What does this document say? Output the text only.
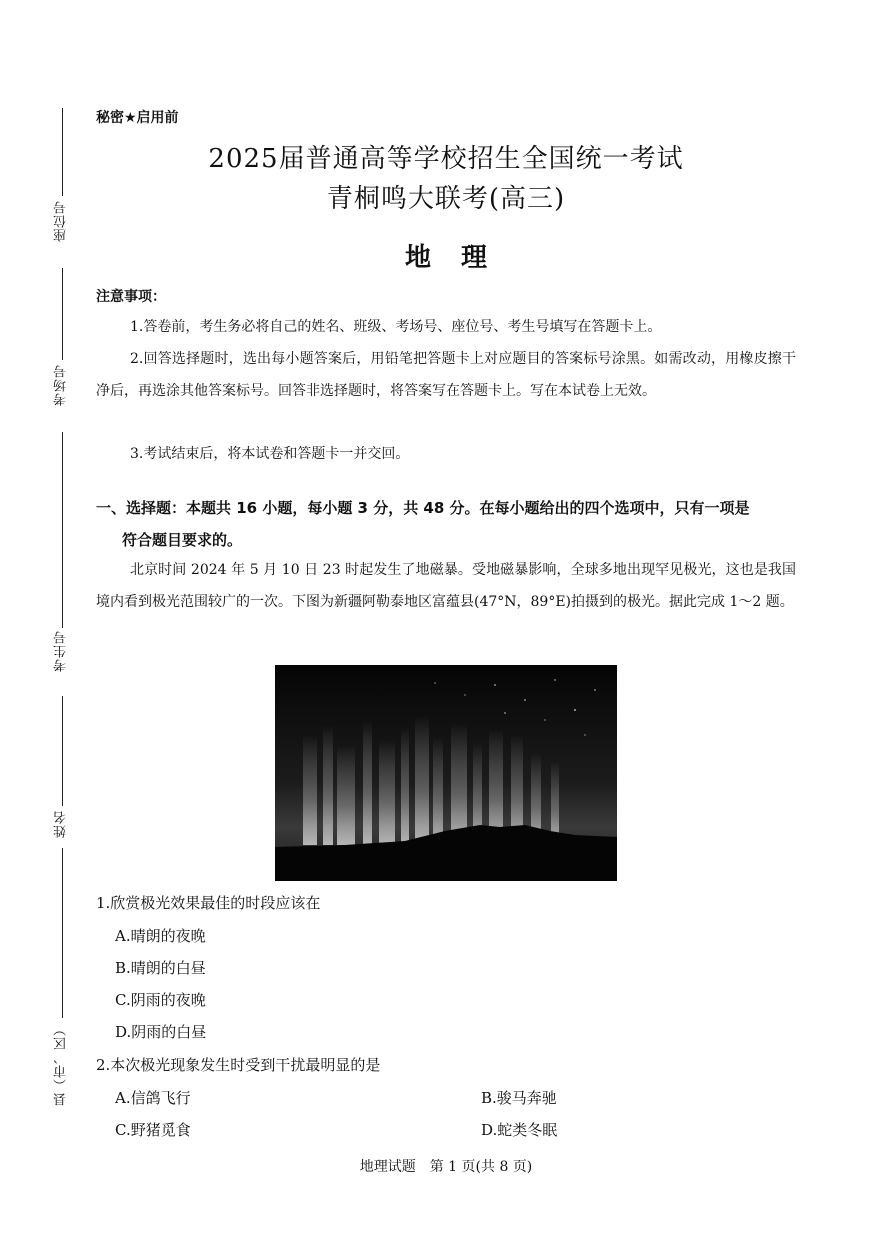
座位号
考场号
考生号
姓名
县（市、区）
秘密★启用前
2025届普通高等学校招生全国统一考试
青桐鸣大联考(高三)
地理
注意事项：
1.答卷前，考生务必将自己的姓名、班级、考场号、座位号、考生号填写在答题卡上。
2.回答选择题时，选出每小题答案后，用铅笔把答题卡上对应题目的答案标号涂黑。如需改动，用橡皮擦干净后，再选涂其他答案标号。回答非选择题时，将答案写在答题卡上。写在本试卷上无效。
3.考试结束后，将本试卷和答题卡一并交回。
一、选择题：本题共 16 小题，每小题 3 分，共 48 分。在每小题给出的四个选项中，只有一项是
符合题目要求的。
北京时间 2024 年 5 月 10 日 23 时起发生了地磁暴。受地磁暴影响，全球多地出现罕见极光，这也是我国境内看到极光范围较广的一次。下图为新疆阿勒泰地区富蕴县(47°N，89°E)拍摄到的极光。据此完成 1～2 题。
1.欣赏极光效果最佳的时段应该在
A.晴朗的夜晚
B.晴朗的白昼
C.阴雨的夜晚
D.阴雨的白昼
2.本次极光现象发生时受到干扰最明显的是
A.信鸽飞行	B.骏马奔驰
C.野猪觅食	D.蛇类冬眠
地理试题　第 1 页(共 8 页)
